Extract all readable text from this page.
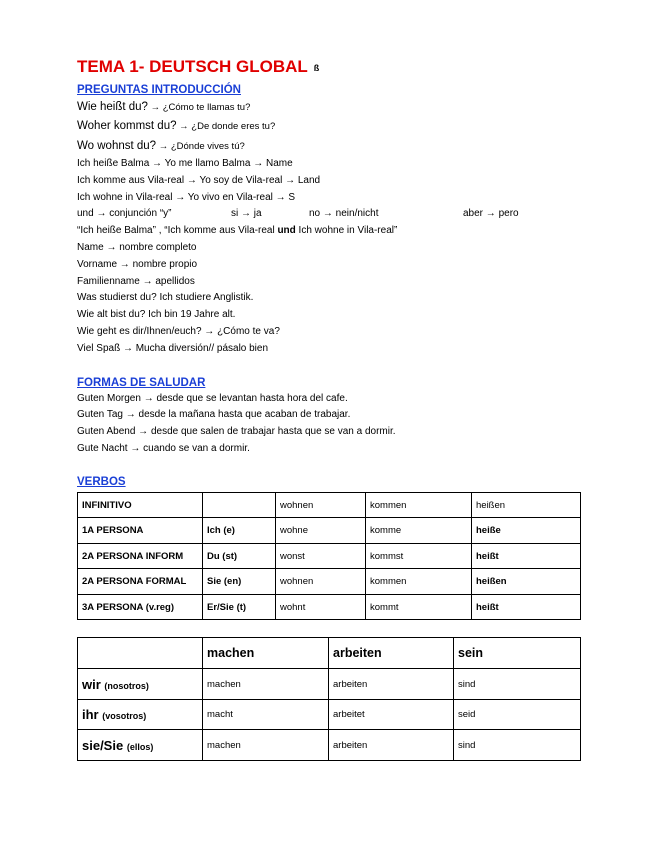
TEMA 1- DEUTSCH GLOBAL ß

PREGUNTAS INTRODUCCIÓN

Wie heißt du? → ¿Cómo te llamas tu?

Woher kommst du? → ¿De donde eres tu?

Wo wohnst du? → ¿Dónde vives tú?

Ich heiße Balma → Yo me llamo Balma → Name

Ich komme aus Vila-real → Yo soy de Vila-real → Land

Ich wohne in Vila-real → Yo vivo en Vila-real → S

und → conjunción “y”	si → ja	no → nein/nicht	aber → pero

“Ich heiße Balma” , “Ich komme aus Vila-real und Ich wohne in Vila-real”

Name → nombre completo

Vorname → nombre propio

Familienname → apellidos

Was studierst du? Ich studiere Anglistik.

Wie alt bist du? Ich bin 19 Jahre alt.

Wie geht es dir/Ihnen/euch? → ¿Cómo te va?

Viel Spaß → Mucha diversión// pásalo bien

FORMAS DE SALUDAR

Guten Morgen → desde que se levantan hasta hora del cafe.

Guten Tag → desde la mañana hasta que acaban de trabajar.

Guten Abend → desde que salen de trabajar hasta que se van a dormir.

Gute Nacht → cuando se van a dormir.

VERBOS

INFINITIVO		wohnen	kommen	heißen
1A PERSONA	Ich (e)	wohne	komme	heiße
2A PERSONA INFORM	Du (st)	wonst	kommst	heißt
2A PERSONA FORMAL	Sie (en)	wohnen	kommen	heißen
3A PERSONA (v.reg)	Er/Sie (t)	wohnt	kommt	heißt
	machen	arbeiten	sein
wir (nosotros)	machen	arbeiten	sind
ihr (vosotros)	macht	arbeitet	seid
sie/Sie (ellos)	machen	arbeiten	sind
